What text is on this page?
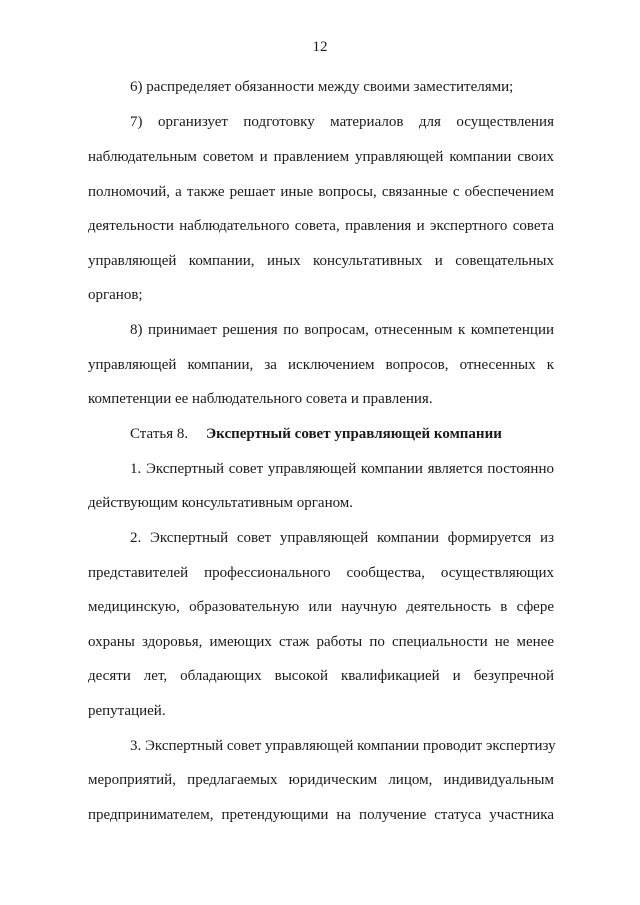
12
6) распределяет обязанности между своими заместителями;
7) организует подготовку материалов для осуществления
наблюдательным советом и правлением управляющей компании своих
полномочий, а также решает иные вопросы, связанные с обеспечением
деятельности наблюдательного совета, правления и экспертного совета
управляющей компании, иных консультативных и совещательных
органов;
8) принимает решения по вопросам, отнесенным к компетенции
управляющей компании, за исключением вопросов, отнесенных к
компетенции ее наблюдательного совета и правления.
Статья 8. Экспертный совет управляющей компании
1. Экспертный совет управляющей компании является постоянно
действующим консультативным органом.
2. Экспертный совет управляющей компании формируется из
представителей профессионального сообщества, осуществляющих
медицинскую, образовательную или научную деятельность в сфере
охраны здоровья, имеющих стаж работы по специальности не менее
десяти лет, обладающих высокой квалификацией и безупречной
репутацией.
3. Экспертный совет управляющей компании проводит экспертизу
мероприятий, предлагаемых юридическим лицом, индивидуальным
предпринимателем, претендующими на получение статуса участника
